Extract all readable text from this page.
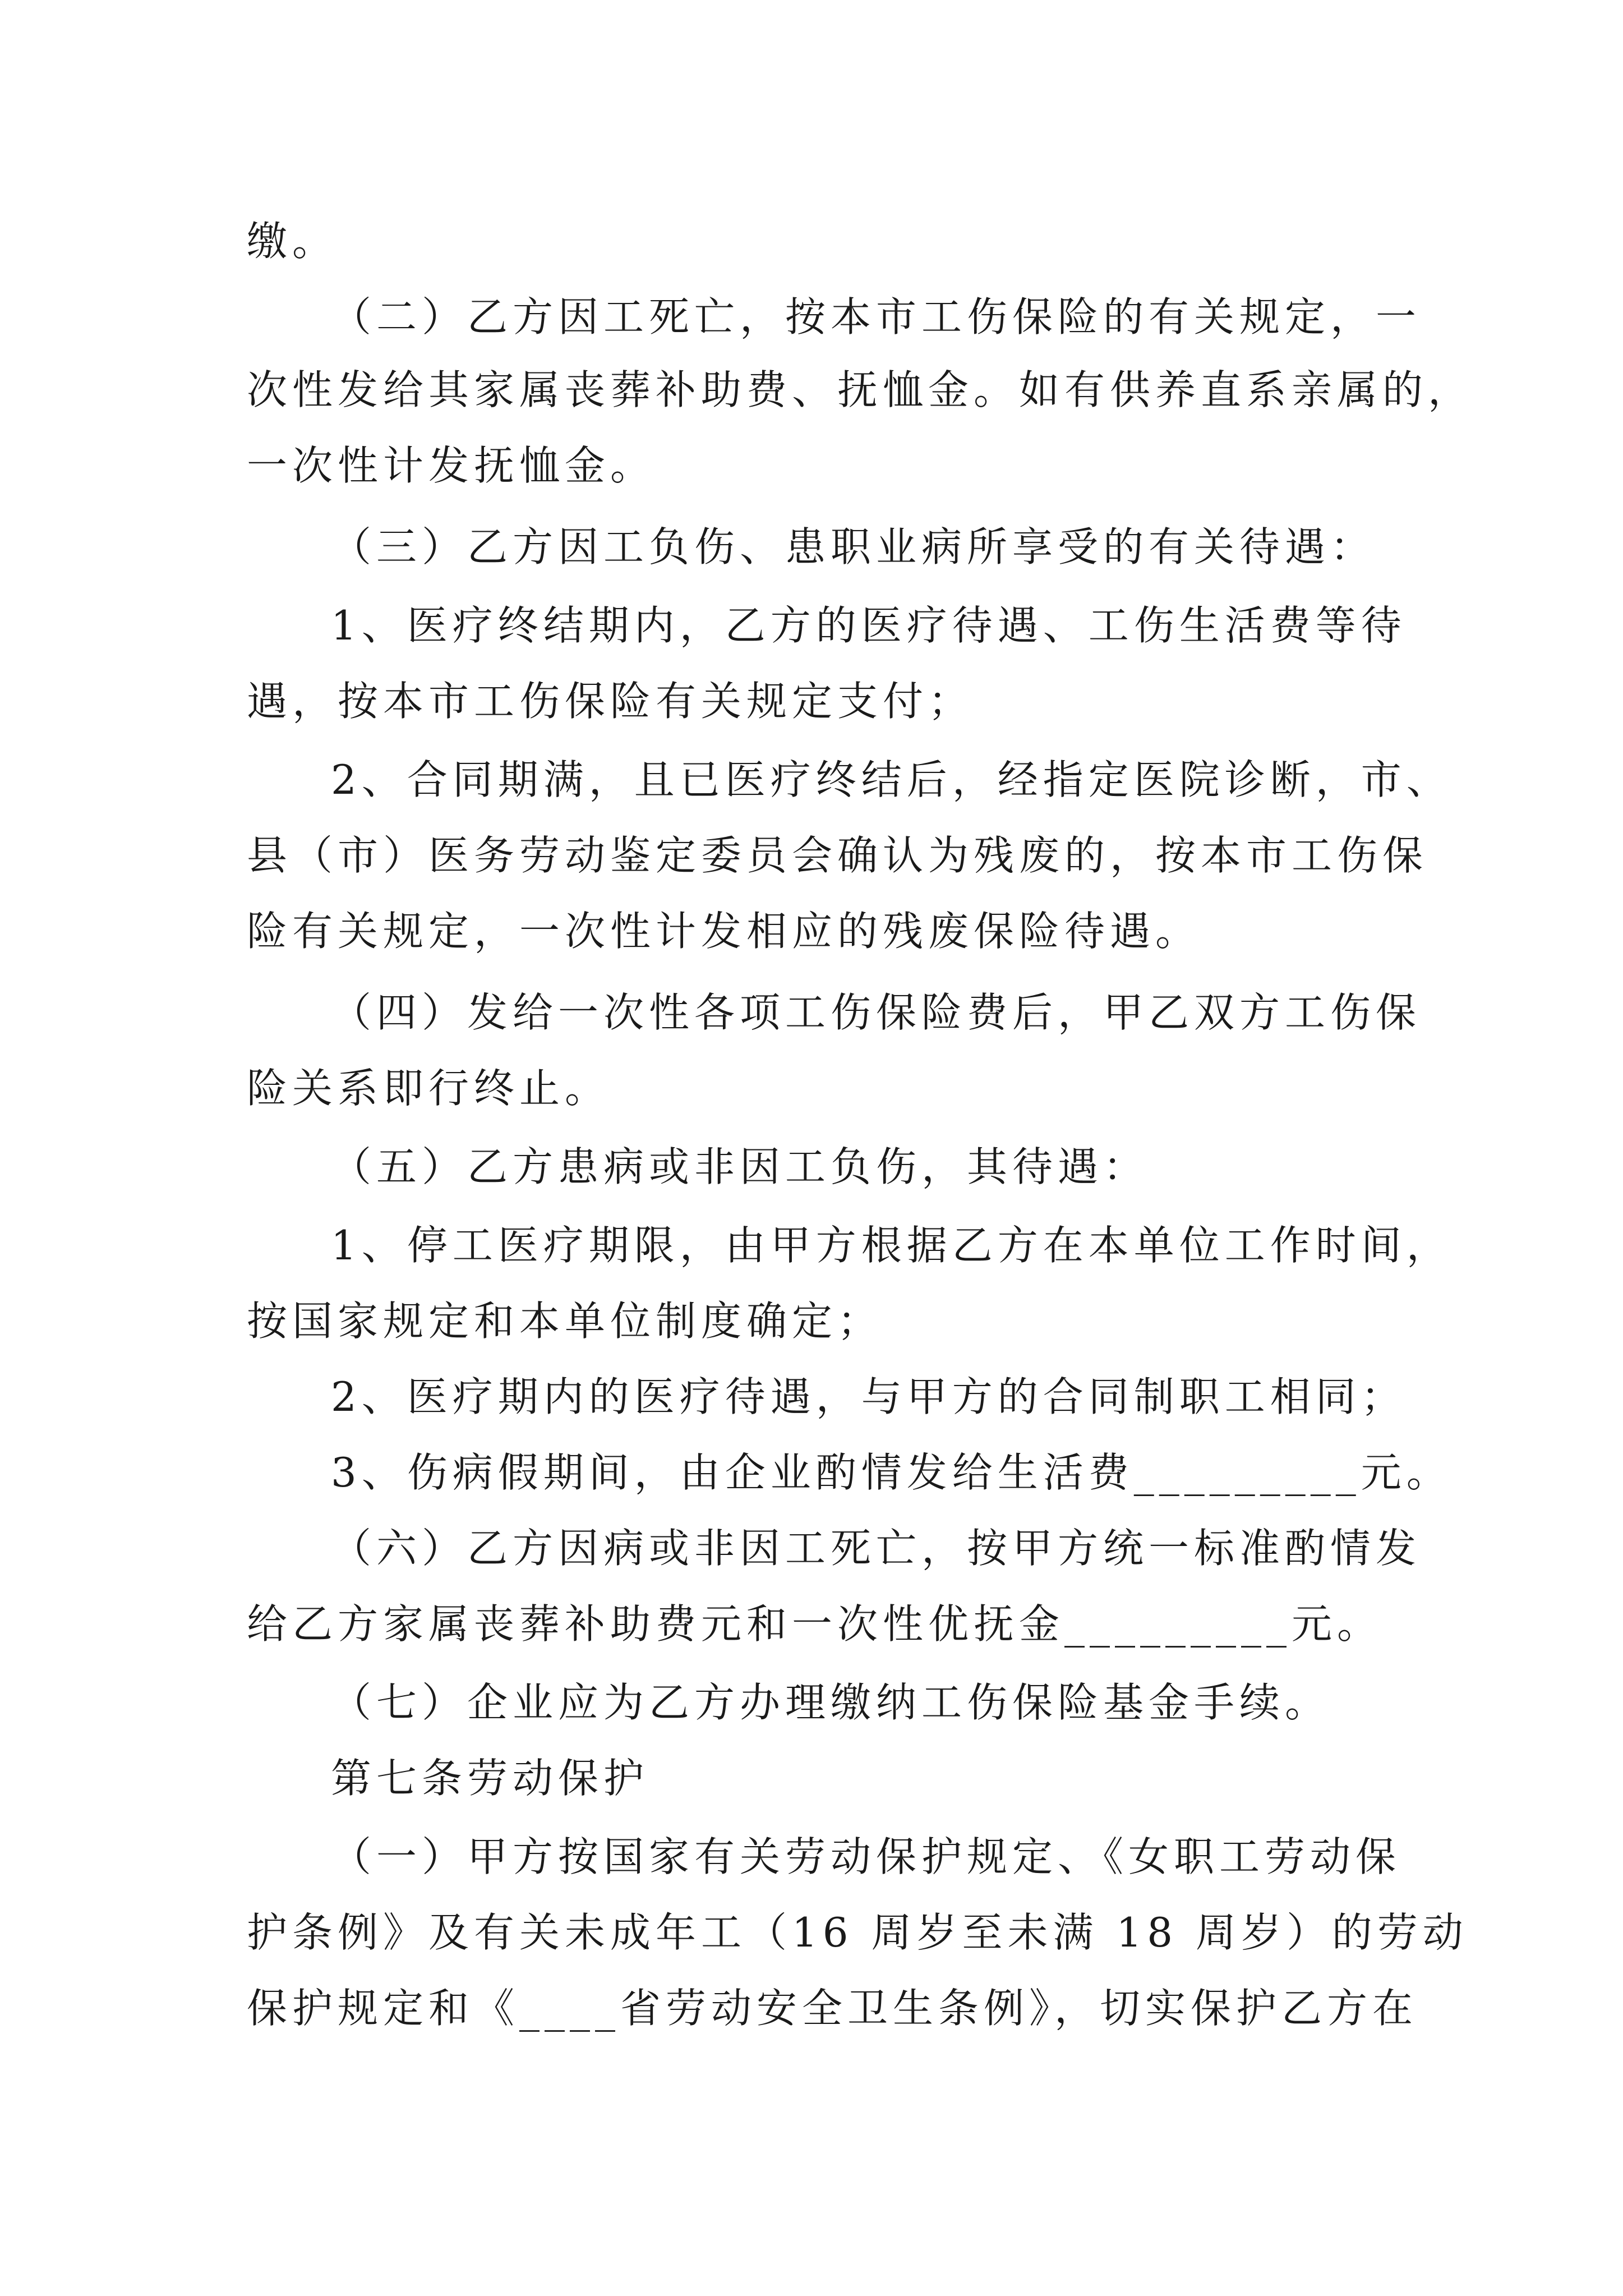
缴。
（二）乙方因工死亡，按本市工伤保险的有关规定，一
次性发给其家属丧葬补助费、抚恤金。如有供养直系亲属的，
一次性计发抚恤金。
（三）乙方因工负伤、患职业病所享受的有关待遇：
1、医疗终结期内，乙方的医疗待遇、工伤生活费等待
遇，按本市工伤保险有关规定支付；
2、合同期满，且已医疗终结后，经指定医院诊断，市、
县（市）医务劳动鉴定委员会确认为残废的，按本市工伤保
险有关规定，一次性计发相应的残废保险待遇。
（四）发给一次性各项工伤保险费后，甲乙双方工伤保
险关系即行终止。
（五）乙方患病或非因工负伤，其待遇：
1、停工医疗期限，由甲方根据乙方在本单位工作时间，
按国家规定和本单位制度确定；
2、医疗期内的医疗待遇，与甲方的合同制职工相同；
3、伤病假期间，由企业酌情发给生活费_________元。
（六）乙方因病或非因工死亡，按甲方统一标准酌情发
给乙方家属丧葬补助费元和一次性优抚金_________元。
（七）企业应为乙方办理缴纳工伤保险基金手续。
第七条劳动保护
（一）甲方按国家有关劳动保护规定、《女职工劳动保
护条例》及有关未成年工（16 周岁至未满 18 周岁）的劳动
保护规定和《____省劳动安全卫生条例》，切实保护乙方在
